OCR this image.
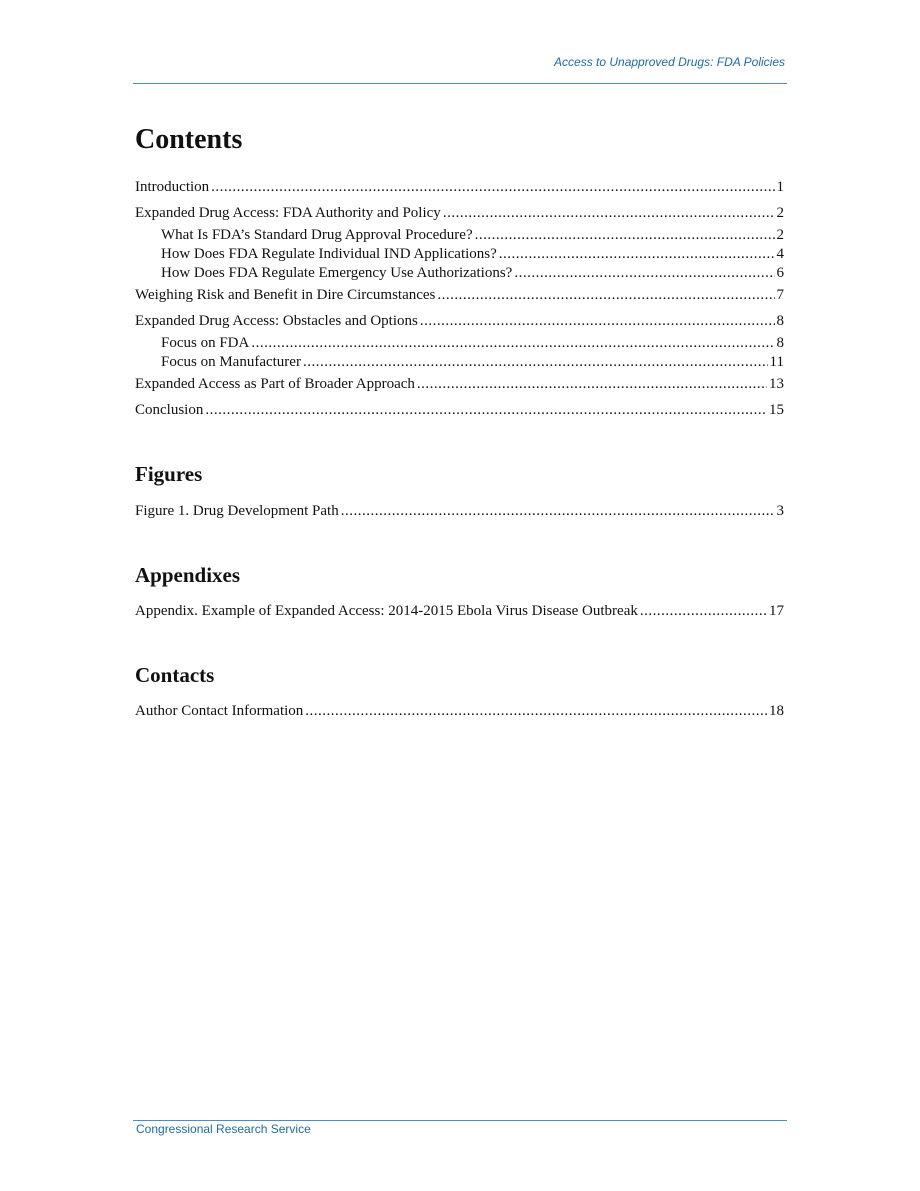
Access to Unapproved Drugs: FDA Policies
Contents
Introduction .....	1
Expanded Drug Access: FDA Authority and Policy .....	2
What Is FDA’s Standard Drug Approval Procedure? .....	2
How Does FDA Regulate Individual IND Applications? .....	4
How Does FDA Regulate Emergency Use Authorizations? .....	6
Weighing Risk and Benefit in Dire Circumstances .....	7
Expanded Drug Access: Obstacles and Options .....	8
Focus on FDA .....	8
Focus on Manufacturer .....	11
Expanded Access as Part of Broader Approach .....	13
Conclusion .....	15
Figures
Figure 1. Drug Development Path .....	3
Appendixes
Appendix. Example of Expanded Access: 2014-2015 Ebola Virus Disease Outbreak .....	17
Contacts
Author Contact Information .....	18
Congressional Research Service
